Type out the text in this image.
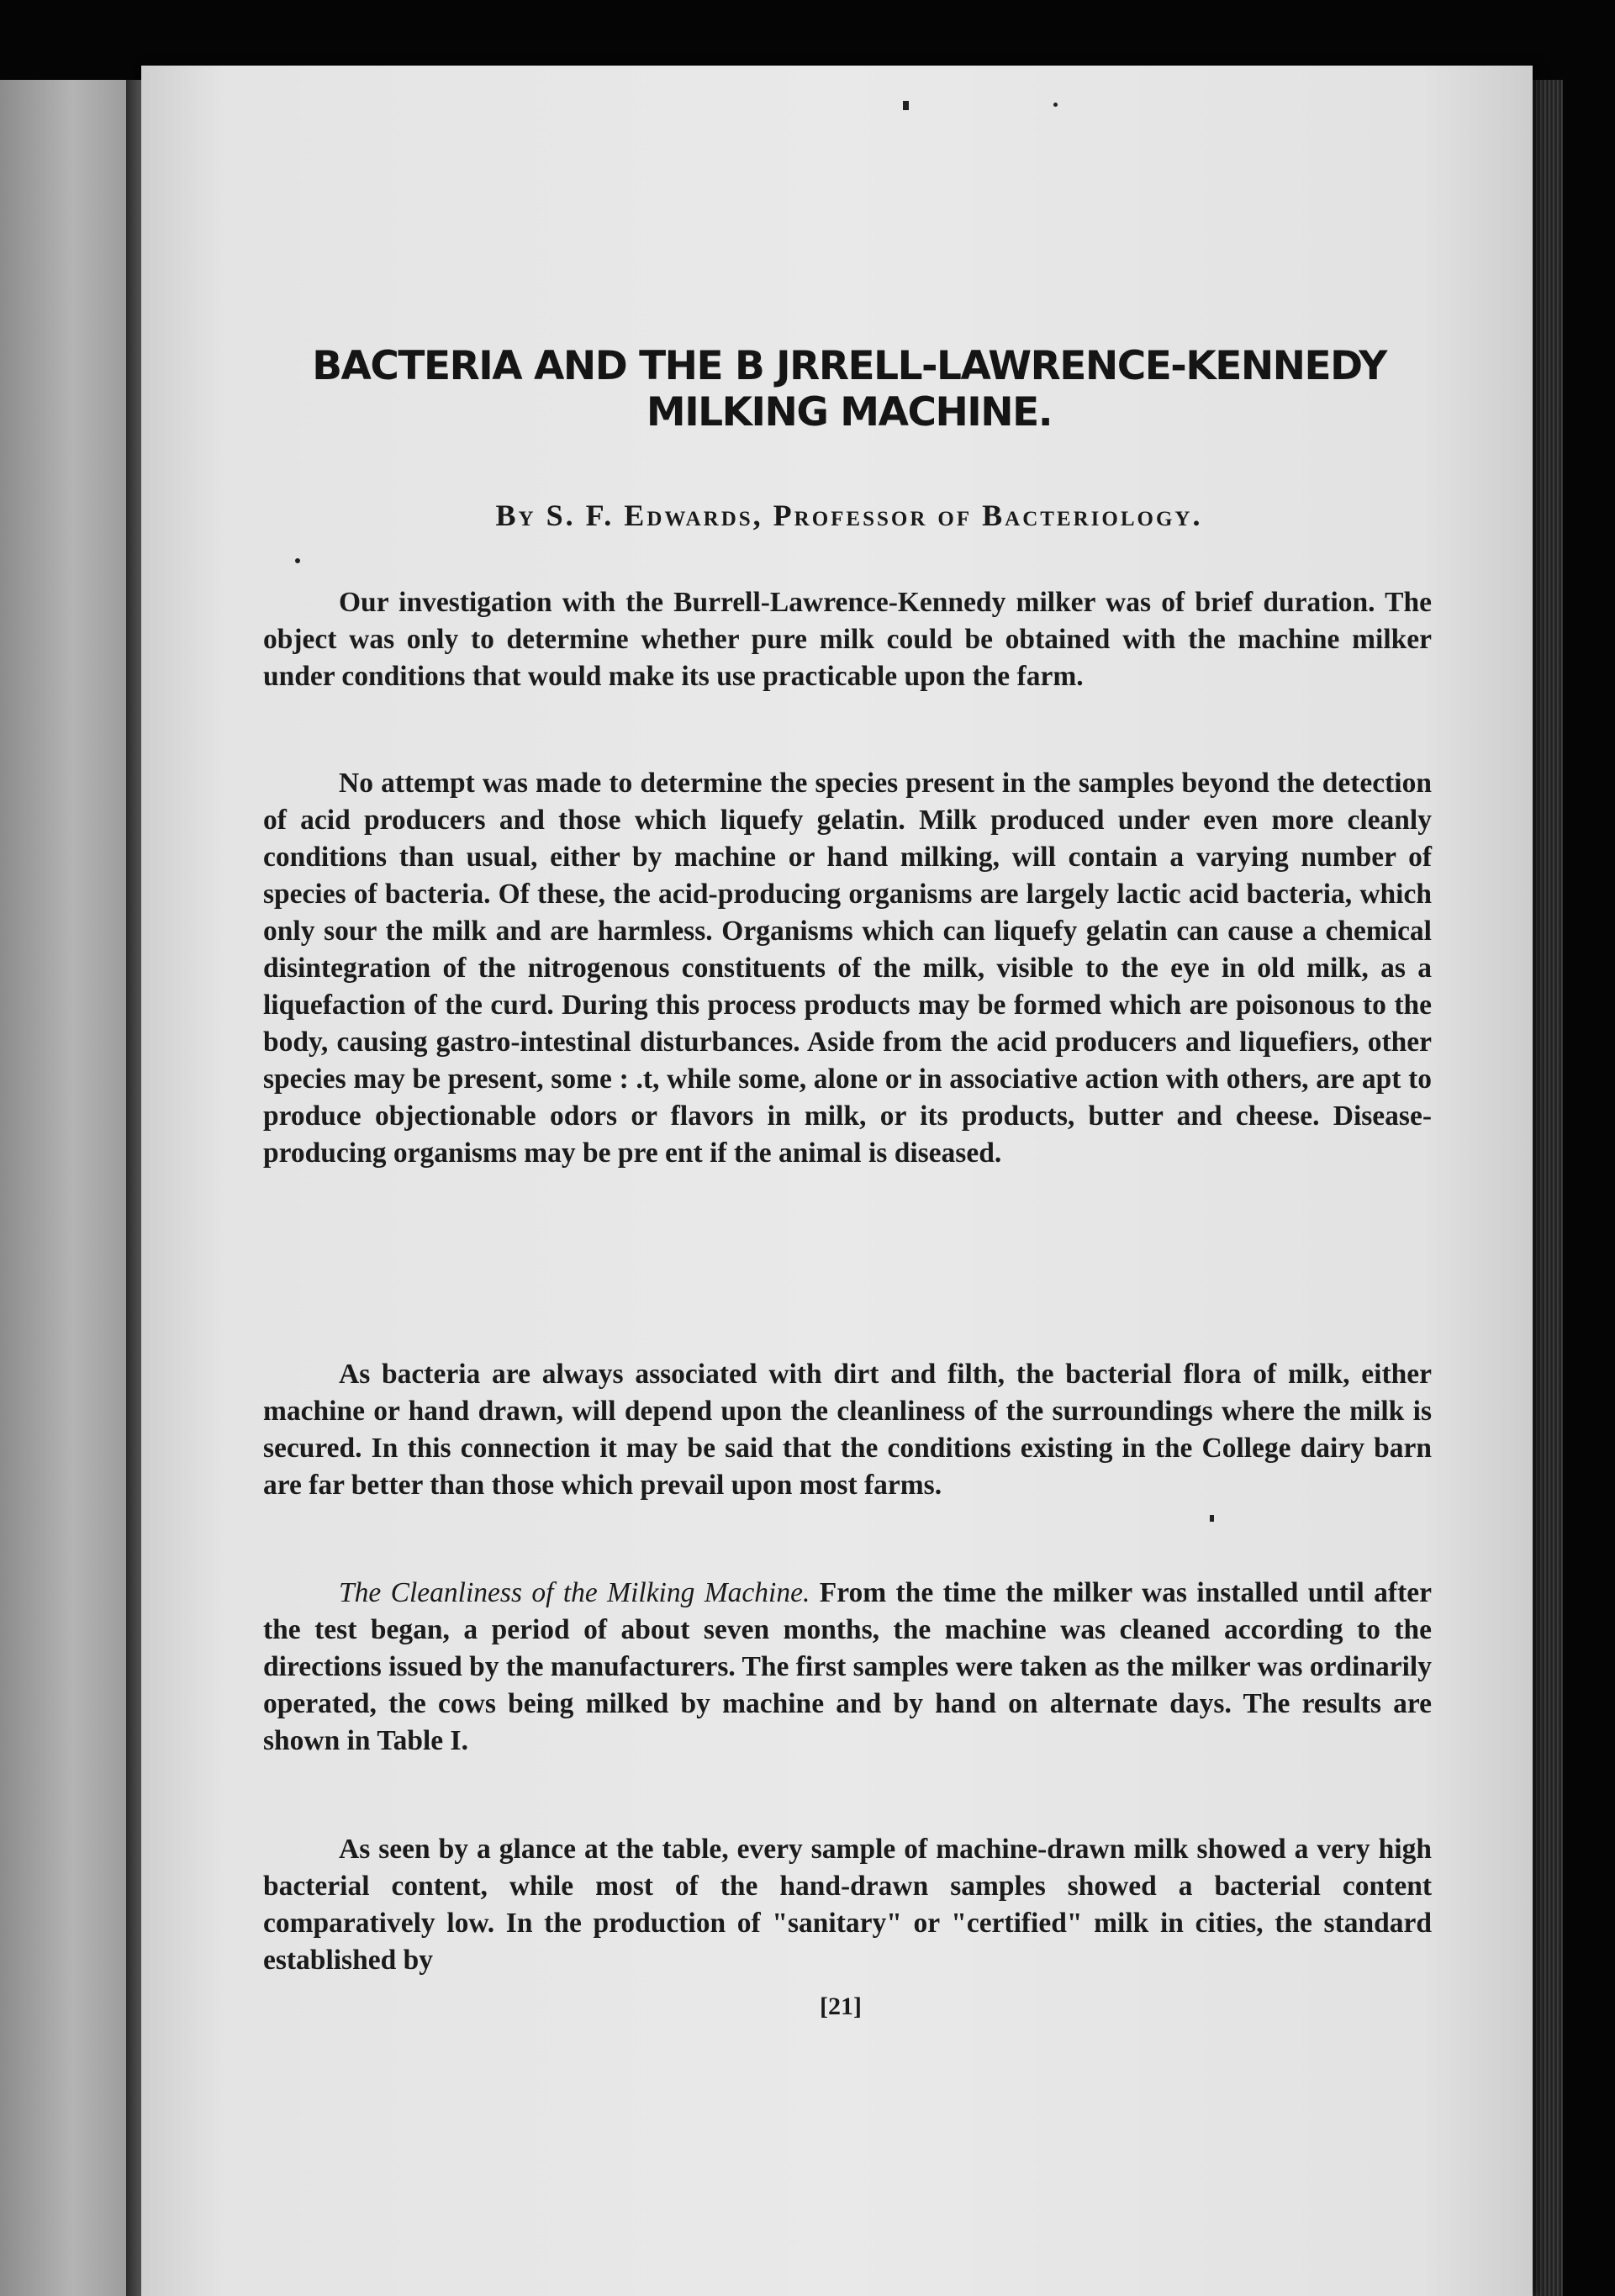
BACTERIA AND THE B JRRELL-LAWRENCE-KENNEDY
MILKING MACHINE.

By S. F. Edwards, Professor of Bacteriology.

Our investigation with the Burrell-Lawrence-Kennedy milker was of brief duration. The object was only to determine whether pure milk could be obtained with the machine milker under conditions that would make its use practicable upon the farm.

No attempt was made to determine the species present in the samples beyond the detection of acid producers and those which liquefy gelatin. Milk produced under even more cleanly conditions than usual, either by machine or hand milking, will contain a varying number of species of bacteria. Of these, the acid-producing organisms are largely lactic acid bacteria, which only sour the milk and are harmless. Organisms which can liquefy gelatin can cause a chemical disintegration of the nitrogenous constituents of the milk, visible to the eye in old milk, as a liquefaction of the curd. During this process products may be formed which are poisonous to the body, causing gastro-intestinal disturbances. Aside from the acid producers and liquefiers, other species may be present, some : .t, while some, alone or in associative action with others, are apt to produce objectionable odors or flavors in milk, or its products, butter and cheese. Disease-producing organisms may be pre ent if the animal is diseased.

As bacteria are always associated with dirt and filth, the bacterial flora of milk, either machine or hand drawn, will depend upon the cleanliness of the surroundings where the milk is secured. In this connection it may be said that the conditions existing in the College dairy barn are far better than those which prevail upon most farms.

The Cleanliness of the Milking Machine. From the time the milker was installed until after the test began, a period of about seven months, the machine was cleaned according to the directions issued by the manufacturers. The first samples were taken as the milker was ordinarily operated, the cows being milked by machine and by hand on alternate days. The results are shown in Table I.

As seen by a glance at the table, every sample of machine-drawn milk showed a very high bacterial content, while most of the hand-drawn samples showed a bacterial content comparatively low. In the production of "sanitary" or "certified" milk in cities, the standard established by

[21]
